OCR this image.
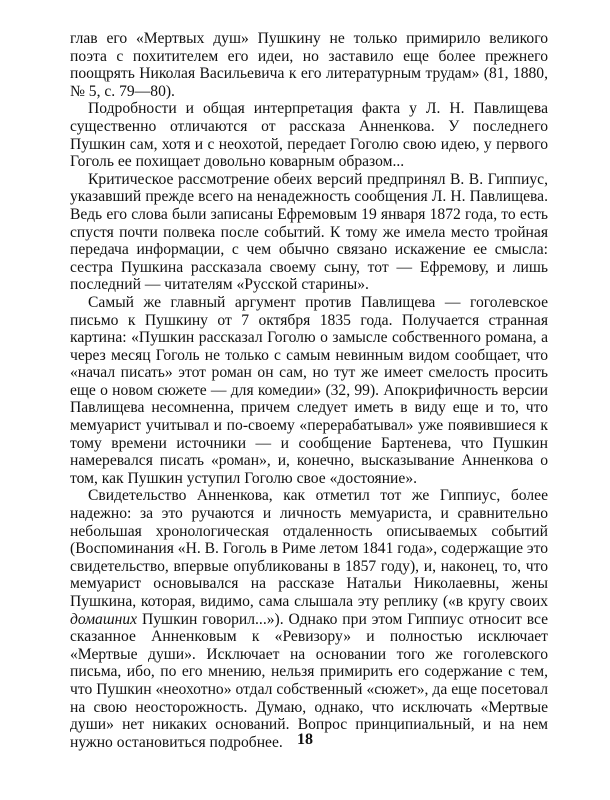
глав его «Мертвых душ» Пушкину не только примирило великого поэта с похитителем его идеи, но заставило еще более прежнего поощрять Николая Васильевича к его литературным трудам» (81, 1880, № 5, с. 79—80).

Подробности и общая интерпретация факта у Л. Н. Павлищева существенно отличаются от рассказа Анненкова. У последнего Пушкин сам, хотя и с неохотой, передает Гоголю свою идею, у первого Гоголь ее похищает довольно коварным образом...

Критическое рассмотрение обеих версий предпринял В. В. Гиппиус, указавший прежде всего на ненадежность сообщения Л. Н. Павлищева. Ведь его слова были записаны Ефремовым 19 января 1872 года, то есть спустя почти полвека после событий. К тому же имела место тройная передача информации, с чем обычно связано искажение ее смысла: сестра Пушкина рассказала своему сыну, тот — Ефремову, и лишь последний — читателям «Русской старины».

Самый же главный аргумент против Павлищева — гоголевское письмо к Пушкину от 7 октября 1835 года. Получается странная картина: «Пушкин рассказал Гоголю о замысле собственного романа, а через месяц Гоголь не только с самым невинным видом сообщает, что «начал писать» этот роман он сам, но тут же имеет смелость просить еще о новом сюжете — для комедии» (32, 99). Апокрифичность версии Павлищева несомненна, причем следует иметь в виду еще и то, что мемуарист учитывал и по-своему «перерабатывал» уже появившиеся к тому времени источники — и сообщение Бартенева, что Пушкин намеревался писать «роман», и, конечно, высказывание Анненкова о том, как Пушкин уступил Гоголю свое «достояние».

Свидетельство Анненкова, как отметил тот же Гиппиус, более надежно: за это ручаются и личность мемуариста, и сравнительно небольшая хронологическая отдаленность описываемых событий (Воспоминания «Н. В. Гоголь в Риме летом 1841 года», содержащие это свидетельство, впервые опубликованы в 1857 году), и, наконец, то, что мемуарист основывался на рассказе Натальи Николаевны, жены Пушкина, которая, видимо, сама слышала эту реплику («в кругу своих домашних Пушкин говорил...»). Однако при этом Гиппиус относит все сказанное Анненковым к «Ревизору» и полностью исключает «Мертвые души». Исключает на основании того же гоголевского письма, ибо, по его мнению, нельзя примирить его содержание с тем, что Пушкин «неохотно» отдал собственный «сюжет», да еще посетовал на свою неосторожность. Думаю, однако, что исключать «Мертвые души» нет никаких оснований. Вопрос принципиальный, и на нем нужно остановиться подробнее. 18
